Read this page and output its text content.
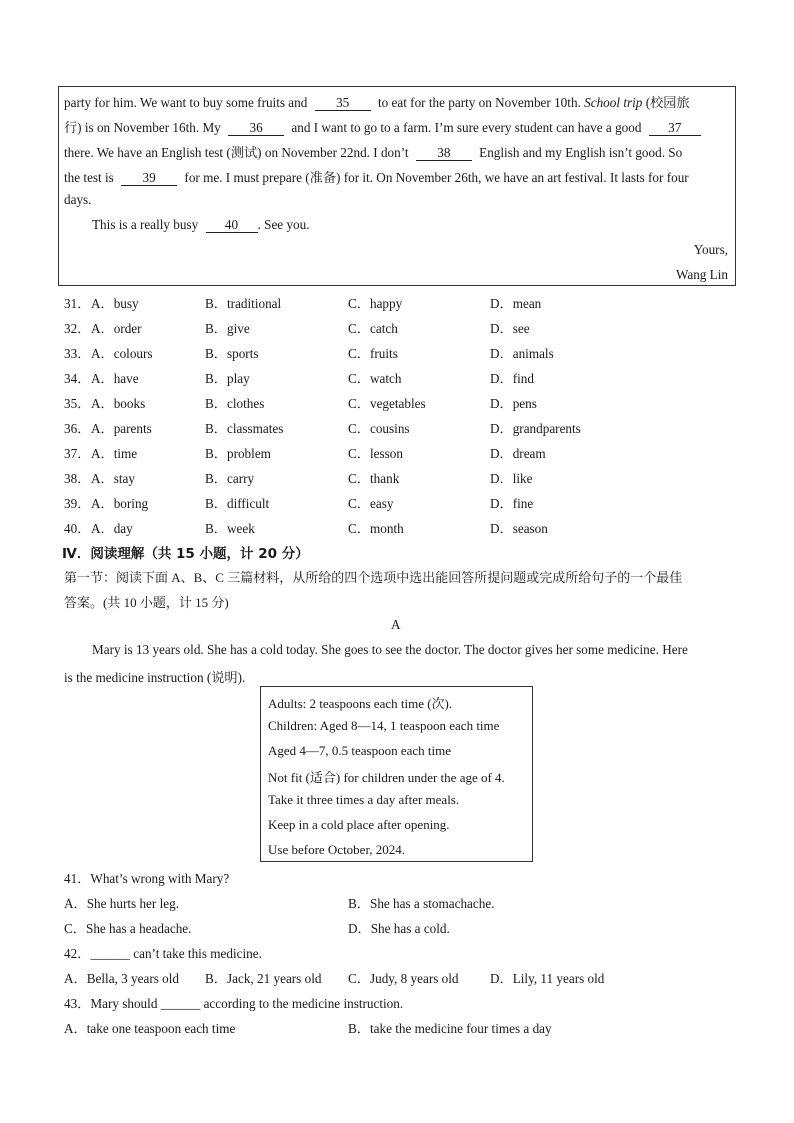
party for him. We want to buy some fruits and 35 to eat for the party on November 10th. School trip (校园旅
行) is on November 16th. My 36 and I want to go to a farm. I’m sure every student can have a good 37
there. We have an English test (测试) on November 22nd. I don’t 38 English and my English isn’t good. So
the test is 39 for me. I must prepare (准备) for it. On November 26th, we have an art festival. It lasts for four
days.
This is a really busy 40 . See you.
Yours,
Wang Lin
31． A．busy	B．traditional	C．happy	D．mean
32． A．order	B．give	C．catch	D．see
33． A．colours	B．sports	C．fruits	D．animals
34． A．have	B．play	C．watch	D．find
35． A．books	B．clothes	C．vegetables	D．pens
36． A．parents	B．classmates	C．cousins	D．grandparents
37． A．time	B．problem	C．lesson	D．dream
38． A．stay	B．carry	C．thank	D．like
39． A．boring	B．difficult	C．easy	D．fine
40． A．day	B．week	C．month	D．season
Ⅳ．阅读理解（共 15 小题，计 20 分）
第一节：阅读下面 A、B、C 三篇材料，从所给的四个选项中选出能回答所提问题或完成所给句子的一个最佳
答案。(共 10 小题，计 15 分)
A
Mary is 13 years old. She has a cold today. She goes to see the doctor. The doctor gives her some medicine. Here
is the medicine instruction (说明).
Adults: 2 teaspoons each time (次).
Children: Aged 8—14, 1 teaspoon each time
Aged 4—7, 0.5 teaspoon each time
Not fit (适合) for children under the age of 4.
Take it three times a day after meals.
Keep in a cold place after opening.
Use before October, 2024.
41．What’s wrong with Mary?
A．She hurts her leg.	B．She has a stomachache.
C．She has a headache.	D．She has a cold.
42．______ can’t take this medicine.
A．Bella, 3 years old B．Jack, 21 years old C．Judy, 8 years old D．Lily, 11 years old
43．Mary should ______ according to the medicine instruction.
A．take one teaspoon each time	B．take the medicine four times a day
